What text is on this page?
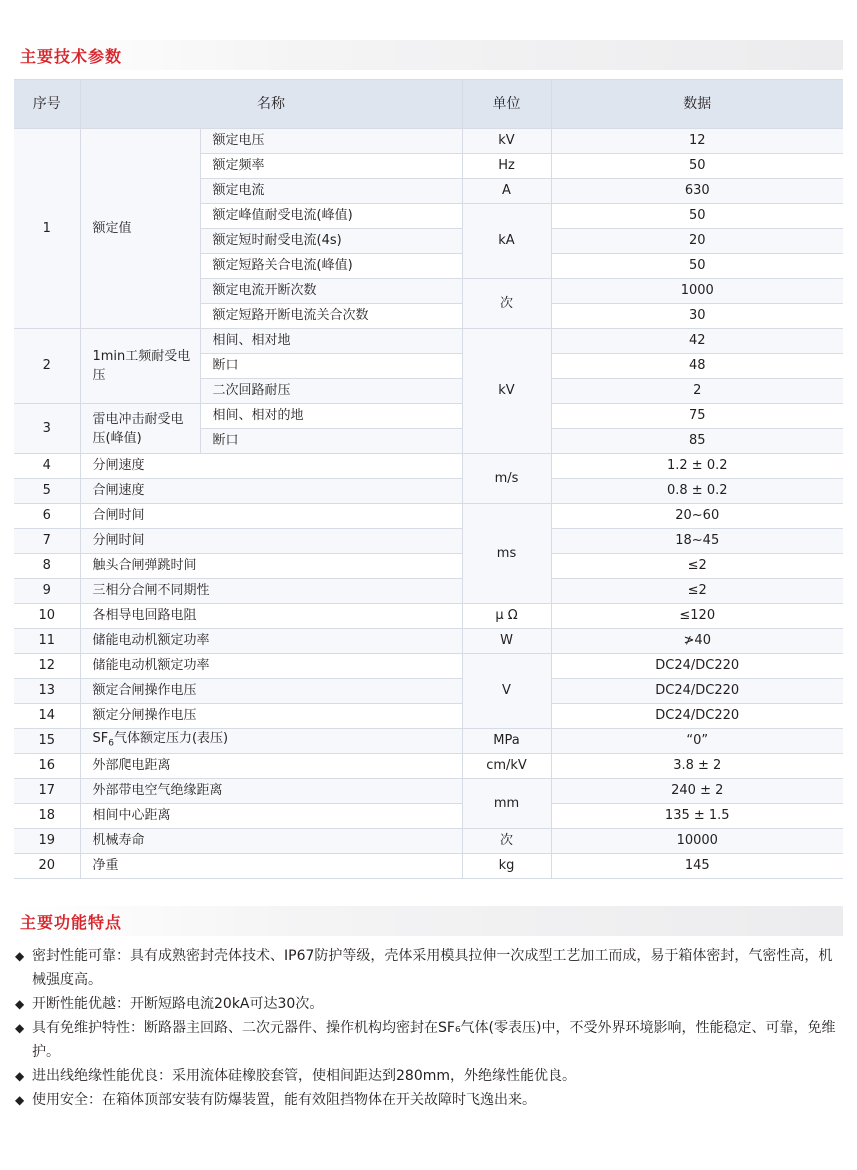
主要技术参数
序号	名称		单位	数据
1	额定值	额定电压	kV	12
		额定频率	Hz	50
		额定电流	A	630
		额定峰值耐受电流(峰值)	kA	50
		额定短时耐受电流(4s)		20
		额定短路关合电流(峰值)		50
		额定电流开断次数	次	1000
		额定短路开断电流关合次数		30
2	1min工频耐受电压	相间、相对地	kV	42
		断口		48
		二次回路耐压		2
3	雷电冲击耐受电压(峰值)	相间、相对的地		75
		断口		85
4	分闸速度		m/s	1.2 ± 0.2
5	合闸速度			0.8 ± 0.2
6	合闸时间		ms	20~60
7	分闸时间			18~45
8	触头合闸弹跳时间			≤2
9	三相分合闸不同期性			≤2
10	各相导电回路电阻		μ Ω	≤120
11	储能电动机额定功率		W	≯40
12	储能电动机额定功率		V	DC24/DC220
13	额定合闸操作电压			DC24/DC220
14	额定分闸操作电压			DC24/DC220
15	$SF_6$气体额定压力(表压)		MPa	“0”
16	外部爬电距离		cm/kV	3.8 ± 2
17	外部带电空气绝缘距离		mm	240 ± 2
18	相间中心距离			135 ± 1.5
19	机械寿命		次	10000
20	净重		kg	145
主要功能特点
◆ 密封性能可靠：具有成熟密封壳体技术、IP67防护等级，壳体采用模具拉伸一次成型工艺加工而成，易于箱体密封，气密性高，机械强度高。
◆ 开断性能优越：开断短路电流20kA可达30次。
◆ 具有免维护特性：断路器主回路、二次元器件、操作机构均密封在SF₆气体(零表压)中，不受外界环境影响，性能稳定、可靠，免维护。
◆ 进出线绝缘性能优良：采用流体硅橡胶套管，使相间距达到280mm，外绝缘性能优良。
◆ 使用安全：在箱体顶部安装有防爆装置，能有效阻挡物体在开关故障时飞逸出来。
